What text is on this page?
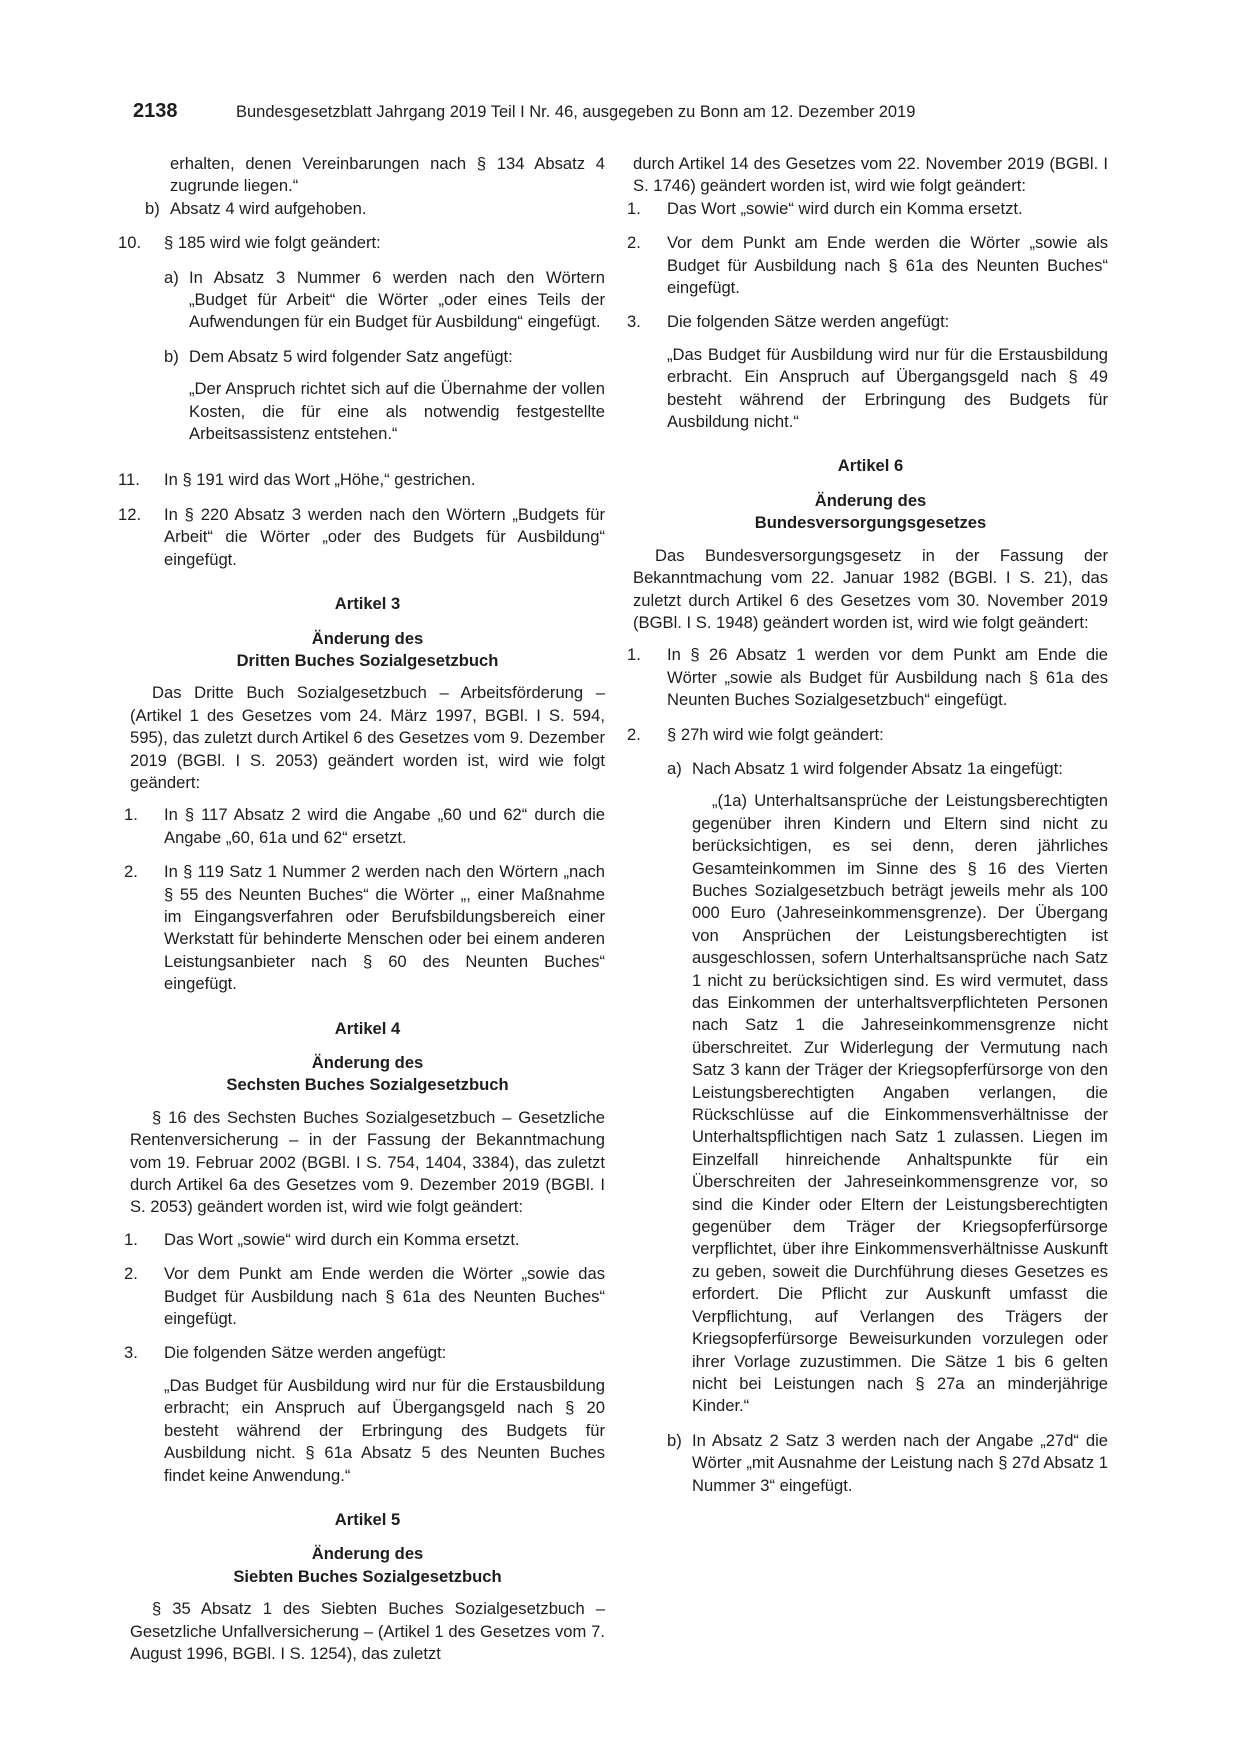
2138	Bundesgesetzblatt Jahrgang 2019 Teil I Nr. 46, ausgegeben zu Bonn am 12. Dezember 2019

erhalten, denen Vereinbarungen nach § 134 Absatz 4 zugrunde liegen.“

b) Absatz 4 wird aufgehoben.
10.	§ 185 wird wie folgt geändert:

a) In Absatz 3 Nummer 6 werden nach den Wörtern „Budget für Arbeit“ die Wörter „oder eines Teils der Aufwendungen für ein Budget für Ausbildung“ eingefügt.
b) Dem Absatz 5 wird folgender Satz angefügt:

„Der Anspruch richtet sich auf die Übernahme der vollen Kosten, die für eine als notwendig festgestellte Arbeitsassistenz entstehen.“

11.	In § 191 wird das Wort „Höhe,“ gestrichen.
12.	In § 220 Absatz 3 werden nach den Wörtern „Budgets für Arbeit“ die Wörter „oder des Budgets für Ausbildung“ eingefügt.
Artikel 3
Änderung des
Dritten Buches Sozialgesetzbuch

Das Dritte Buch Sozialgesetzbuch – Arbeitsförderung – (Artikel 1 des Gesetzes vom 24. März 1997, BGBl. I S. 594, 595), das zuletzt durch Artikel 6 des Gesetzes vom 9. Dezember 2019 (BGBl. I S. 2053) geändert worden ist, wird wie folgt geändert:

1.	In § 117 Absatz 2 wird die Angabe „60 und 62“ durch die Angabe „60, 61a und 62“ ersetzt.
2.	In § 119 Satz 1 Nummer 2 werden nach den Wörtern „nach § 55 des Neunten Buches“ die Wörter „, einer Maßnahme im Eingangsverfahren oder Berufsbildungsbereich einer Werkstatt für behinderte Menschen oder bei einem anderen Leistungsanbieter nach § 60 des Neunten Buches“ eingefügt.
Artikel 4
Änderung des
Sechsten Buches Sozialgesetzbuch

§ 16 des Sechsten Buches Sozialgesetzbuch – Gesetzliche Rentenversicherung – in der Fassung der Bekanntmachung vom 19. Februar 2002 (BGBl. I S. 754, 1404, 3384), das zuletzt durch Artikel 6a des Gesetzes vom 9. Dezember 2019 (BGBl. I S. 2053) geändert worden ist, wird wie folgt geändert:

1.	Das Wort „sowie“ wird durch ein Komma ersetzt.
2.	Vor dem Punkt am Ende werden die Wörter „sowie das Budget für Ausbildung nach § 61a des Neunten Buches“ eingefügt.
3.	Die folgenden Sätze werden angefügt:

„Das Budget für Ausbildung wird nur für die Erstausbildung erbracht; ein Anspruch auf Übergangsgeld nach § 20 besteht während der Erbringung des Budgets für Ausbildung nicht. § 61a Absatz 5 des Neunten Buches findet keine Anwendung.“

Artikel 5
Änderung des
Siebten Buches Sozialgesetzbuch

§ 35 Absatz 1 des Siebten Buches Sozialgesetzbuch – Gesetzliche Unfallversicherung – (Artikel 1 des Gesetzes vom 7. August 1996, BGBl. I S. 1254), das zuletzt

durch Artikel 14 des Gesetzes vom 22. November 2019 (BGBl. I S. 1746) geändert worden ist, wird wie folgt geändert:

1.	Das Wort „sowie“ wird durch ein Komma ersetzt.
2.	Vor dem Punkt am Ende werden die Wörter „sowie als Budget für Ausbildung nach § 61a des Neunten Buches“ eingefügt.
3.	Die folgenden Sätze werden angefügt:

„Das Budget für Ausbildung wird nur für die Erstausbildung erbracht. Ein Anspruch auf Übergangsgeld nach § 49 besteht während der Erbringung des Budgets für Ausbildung nicht.“

Artikel 6
Änderung des
Bundesversorgungsgesetzes

Das Bundesversorgungsgesetz in der Fassung der Bekanntmachung vom 22. Januar 1982 (BGBl. I S. 21), das zuletzt durch Artikel 6 des Gesetzes vom 30. November 2019 (BGBl. I S. 1948) geändert worden ist, wird wie folgt geändert:

1.	In § 26 Absatz 1 werden vor dem Punkt am Ende die Wörter „sowie als Budget für Ausbildung nach § 61a des Neunten Buches Sozialgesetzbuch“ eingefügt.
2.	§ 27h wird wie folgt geändert:

a) Nach Absatz 1 wird folgender Absatz 1a eingefügt:

„(1a) Unterhaltsansprüche der Leistungsberechtigten gegenüber ihren Kindern und Eltern sind nicht zu berücksichtigen, es sei denn, deren jährliches Gesamteinkommen im Sinne des § 16 des Vierten Buches Sozialgesetzbuch beträgt jeweils mehr als 100 000 Euro (Jahreseinkommensgrenze). Der Übergang von Ansprüchen der Leistungsberechtigten ist ausgeschlossen, sofern Unterhaltsansprüche nach Satz 1 nicht zu berücksichtigen sind. Es wird vermutet, dass das Einkommen der unterhaltsverpflichteten Personen nach Satz 1 die Jahreseinkommensgrenze nicht überschreitet. Zur Widerlegung der Vermutung nach Satz 3 kann der Träger der Kriegsopferfürsorge von den Leistungsberechtigten Angaben verlangen, die Rückschlüsse auf die Einkommensverhältnisse der Unterhaltspflichtigen nach Satz 1 zulassen. Liegen im Einzelfall hinreichende Anhaltspunkte für ein Überschreiten der Jahreseinkommensgrenze vor, so sind die Kinder oder Eltern der Leistungsberechtigten gegenüber dem Träger der Kriegsopferfürsorge verpflichtet, über ihre Einkommensverhältnisse Auskunft zu geben, soweit die Durchführung dieses Gesetzes es erfordert. Die Pflicht zur Auskunft umfasst die Verpflichtung, auf Verlangen des Trägers der Kriegsopferfürsorge Beweisurkunden vorzulegen oder ihrer Vorlage zuzustimmen. Die Sätze 1 bis 6 gelten nicht bei Leistungen nach § 27a an minderjährige Kinder.“

b) In Absatz 2 Satz 3 werden nach der Angabe „27d“ die Wörter „mit Ausnahme der Leistung nach § 27d Absatz 1 Nummer 3“ eingefügt.
